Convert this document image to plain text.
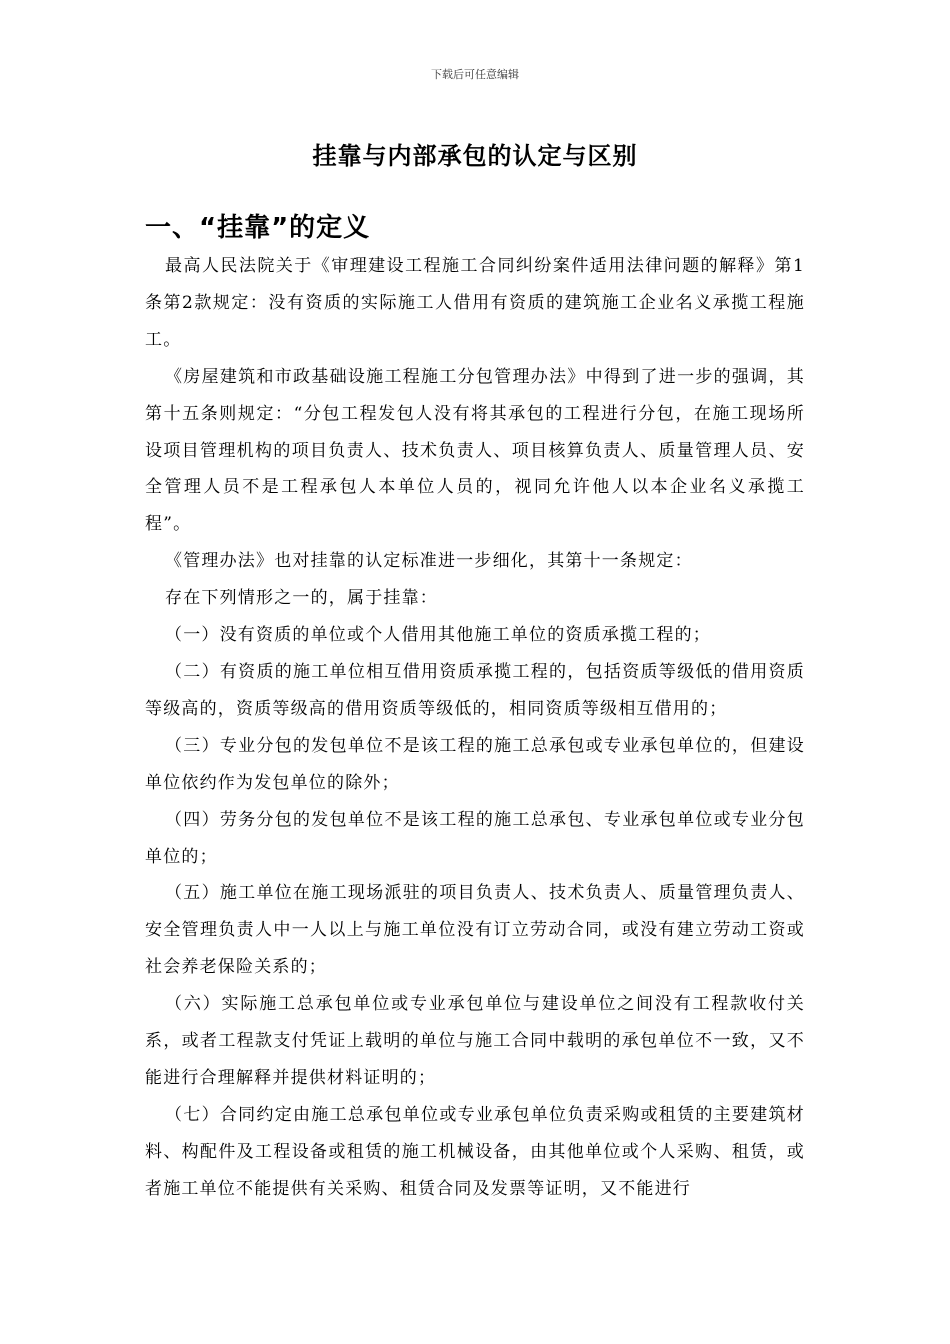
下载后可任意编辑
挂靠与内部承包的认定与区别
一、“挂靠”的定义

最高人民法院关于《审理建设工程施工合同纠纷案件适用法律问题的解释》第1条第2款规定：没有资质的实际施工人借用有资质的建筑施工企业名义承揽工程施工。

《房屋建筑和市政基础设施工程施工分包管理办法》中得到了进一步的强调，其第十五条则规定：“分包工程发包人没有将其承包的工程进行分包，在施工现场所设项目管理机构的项目负责人、技术负责人、项目核算负责人、质量管理人员、安全管理人员不是工程承包人本单位人员的，视同允许他人以本企业名义承揽工程”。

《管理办法》也对挂靠的认定标准进一步细化，其第十一条规定：

存在下列情形之一的，属于挂靠：

（一）没有资质的单位或个人借用其他施工单位的资质承揽工程的；

（二）有资质的施工单位相互借用资质承揽工程的，包括资质等级低的借用资质等级高的，资质等级高的借用资质等级低的，相同资质等级相互借用的；

（三）专业分包的发包单位不是该工程的施工总承包或专业承包单位的，但建设单位依约作为发包单位的除外；

（四）劳务分包的发包单位不是该工程的施工总承包、专业承包单位或专业分包单位的；

（五）施工单位在施工现场派驻的项目负责人、技术负责人、质量管理负责人、安全管理负责人中一人以上与施工单位没有订立劳动合同，或没有建立劳动工资或社会养老保险关系的；

（六）实际施工总承包单位或专业承包单位与建设单位之间没有工程款收付关系，或者工程款支付凭证上载明的单位与施工合同中载明的承包单位不一致，又不能进行合理解释并提供材料证明的；

（七）合同约定由施工总承包单位或专业承包单位负责采购或租赁的主要建筑材料、构配件及工程设备或租赁的施工机械设备，由其他单位或个人采购、租赁，或者施工单位不能提供有关采购、租赁合同及发票等证明，又不能进行
